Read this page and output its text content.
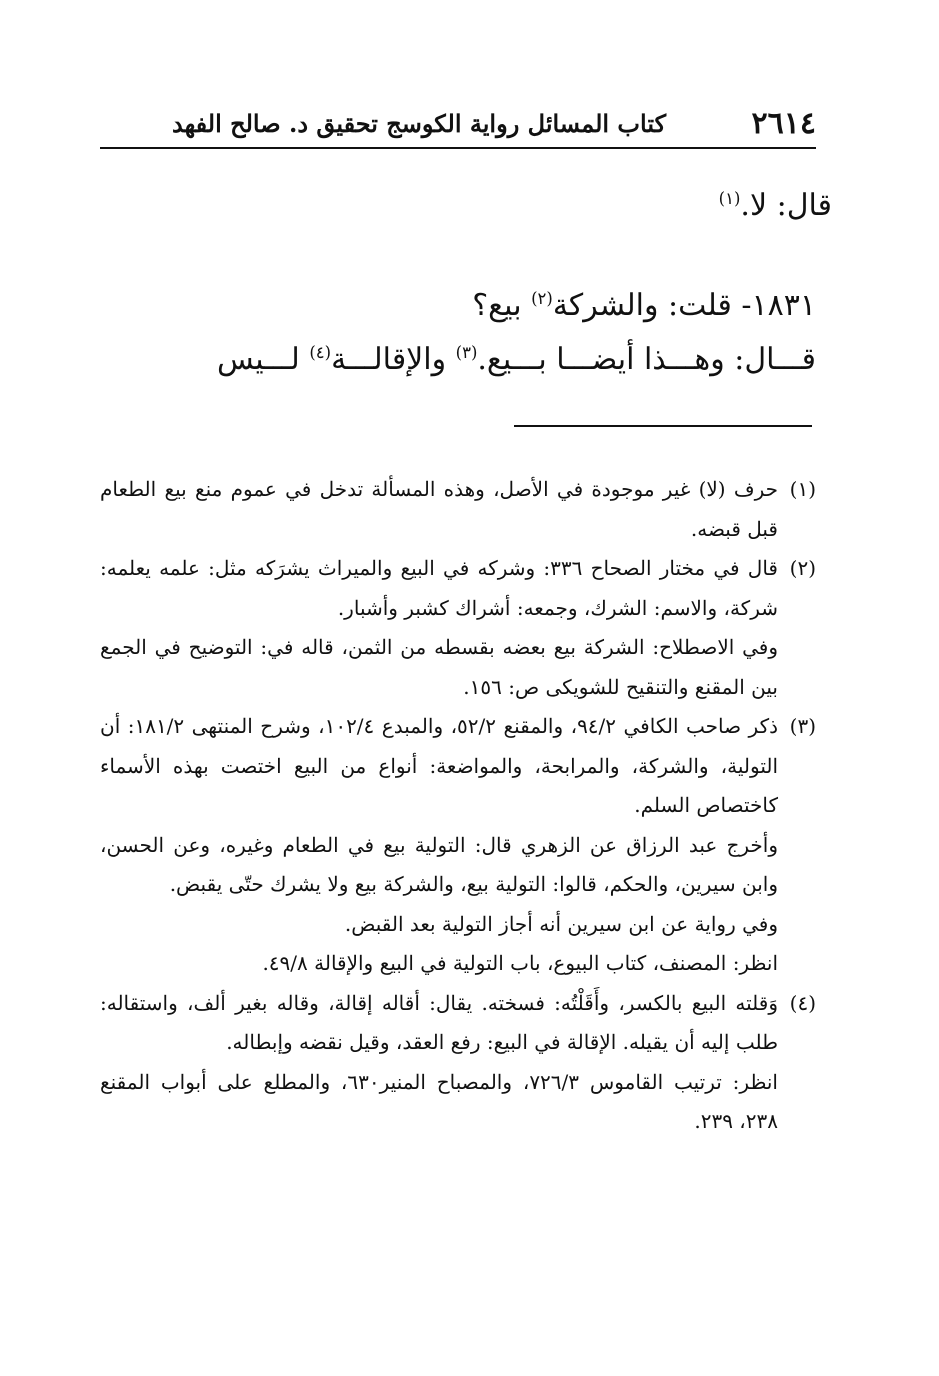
٢٦١٤
كتاب المسائل رواية الكوسج تحقيق د. صالح الفهد
قال: لا.$^{(١)}$
١٨٣١- قلت: والشركة$^{(٢)}$ بيع؟
قـــال: وهـــذا أيضـــا بـــيع.$^{(٣)}$ والإقالـــة$^{(٤)}$ لـــيس
(١)

حرف (لا) غير موجودة في الأصل، وهذه المسألة تدخل في عموم منع بيع الطعام قبل قبضه.

(٢)

قال في مختار الصحاح ٣٣٦: وشركه في البيع والميراث يشرَكه مثل: علمه يعلمه: شركة، والاسم: الشرك، وجمعه: أشراك كشبر وأشبار.

وفي الاصطلاح: الشركة بيع بعضه بقسطه من الثمن، قاله في: التوضيح في الجمع بين المقنع والتنقيح للشويكى ص: ١٥٦.

(٣)

ذكر صاحب الكافي ٩٤/٢، والمقنع ٥٢/٢، والمبدع ١٠٢/٤، وشرح المنتهى ١٨١/٢: أن التولية، والشركة، والمرابحة، والمواضعة: أنواع من البيع اختصت بهذه الأسماء كاختصاص السلم.

وأخرج عبد الرزاق عن الزهري قال: التولية بيع في الطعام وغيره، وعن الحسن، وابن سيرين، والحكم، قالوا: التولية بيع، والشركة بيع ولا يشرك حتّى يقبض.

وفي رواية عن ابن سيرين أنه أجاز التولية بعد القبض.

انظر: المصنف، كتاب البيوع، باب التولية في البيع والإقالة ٤٩/٨.

(٤)

وَقلته البيع بالكسر، وأَقَلْتُه: فسخته. يقال: أقاله إقالة، وقاله بغير ألف، واستقاله: طلب إليه أن يقيله. الإقالة في البيع: رفع العقد، وقيل نقضه وإبطاله.

انظر: ترتيب القاموس ٧٢٦/٣، والمصباح المنير٦٣٠، والمطلع على أبواب المقنع ٢٣٨، ٢٣٩.
